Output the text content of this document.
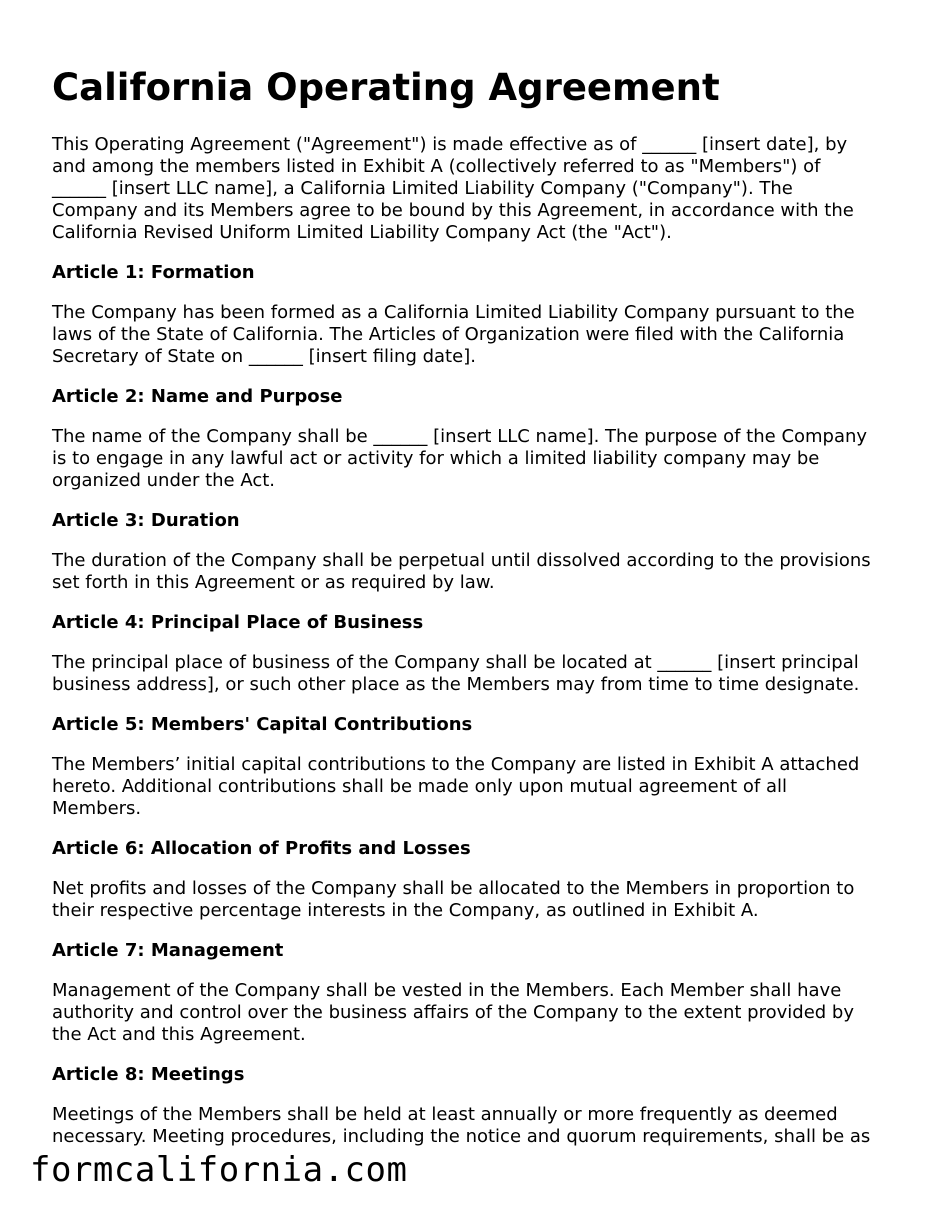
California Operating Agreement
This Operating Agreement ("Agreement") is made effective as of ______ [insert date], by
and among the members listed in Exhibit A (collectively referred to as "Members") of
______ [insert LLC name], a California Limited Liability Company ("Company"). The
Company and its Members agree to be bound by this Agreement, in accordance with the
California Revised Uniform Limited Liability Company Act (the "Act").
Article 1: Formation
The Company has been formed as a California Limited Liability Company pursuant to the
laws of the State of California. The Articles of Organization were filed with the California
Secretary of State on ______ [insert filing date].
Article 2: Name and Purpose
The name of the Company shall be ______ [insert LLC name]. The purpose of the Company
is to engage in any lawful act or activity for which a limited liability company may be
organized under the Act.
Article 3: Duration
The duration of the Company shall be perpetual until dissolved according to the provisions
set forth in this Agreement or as required by law.
Article 4: Principal Place of Business
The principal place of business of the Company shall be located at ______ [insert principal
business address], or such other place as the Members may from time to time designate.
Article 5: Members' Capital Contributions
The Members’ initial capital contributions to the Company are listed in Exhibit A attached
hereto. Additional contributions shall be made only upon mutual agreement of all
Members.
Article 6: Allocation of Profits and Losses
Net profits and losses of the Company shall be allocated to the Members in proportion to
their respective percentage interests in the Company, as outlined in Exhibit A.
Article 7: Management
Management of the Company shall be vested in the Members. Each Member shall have
authority and control over the business affairs of the Company to the extent provided by
the Act and this Agreement.
Article 8: Meetings
Meetings of the Members shall be held at least annually or more frequently as deemed
necessary. Meeting procedures, including the notice and quorum requirements, shall be as
formcalifornia.com
